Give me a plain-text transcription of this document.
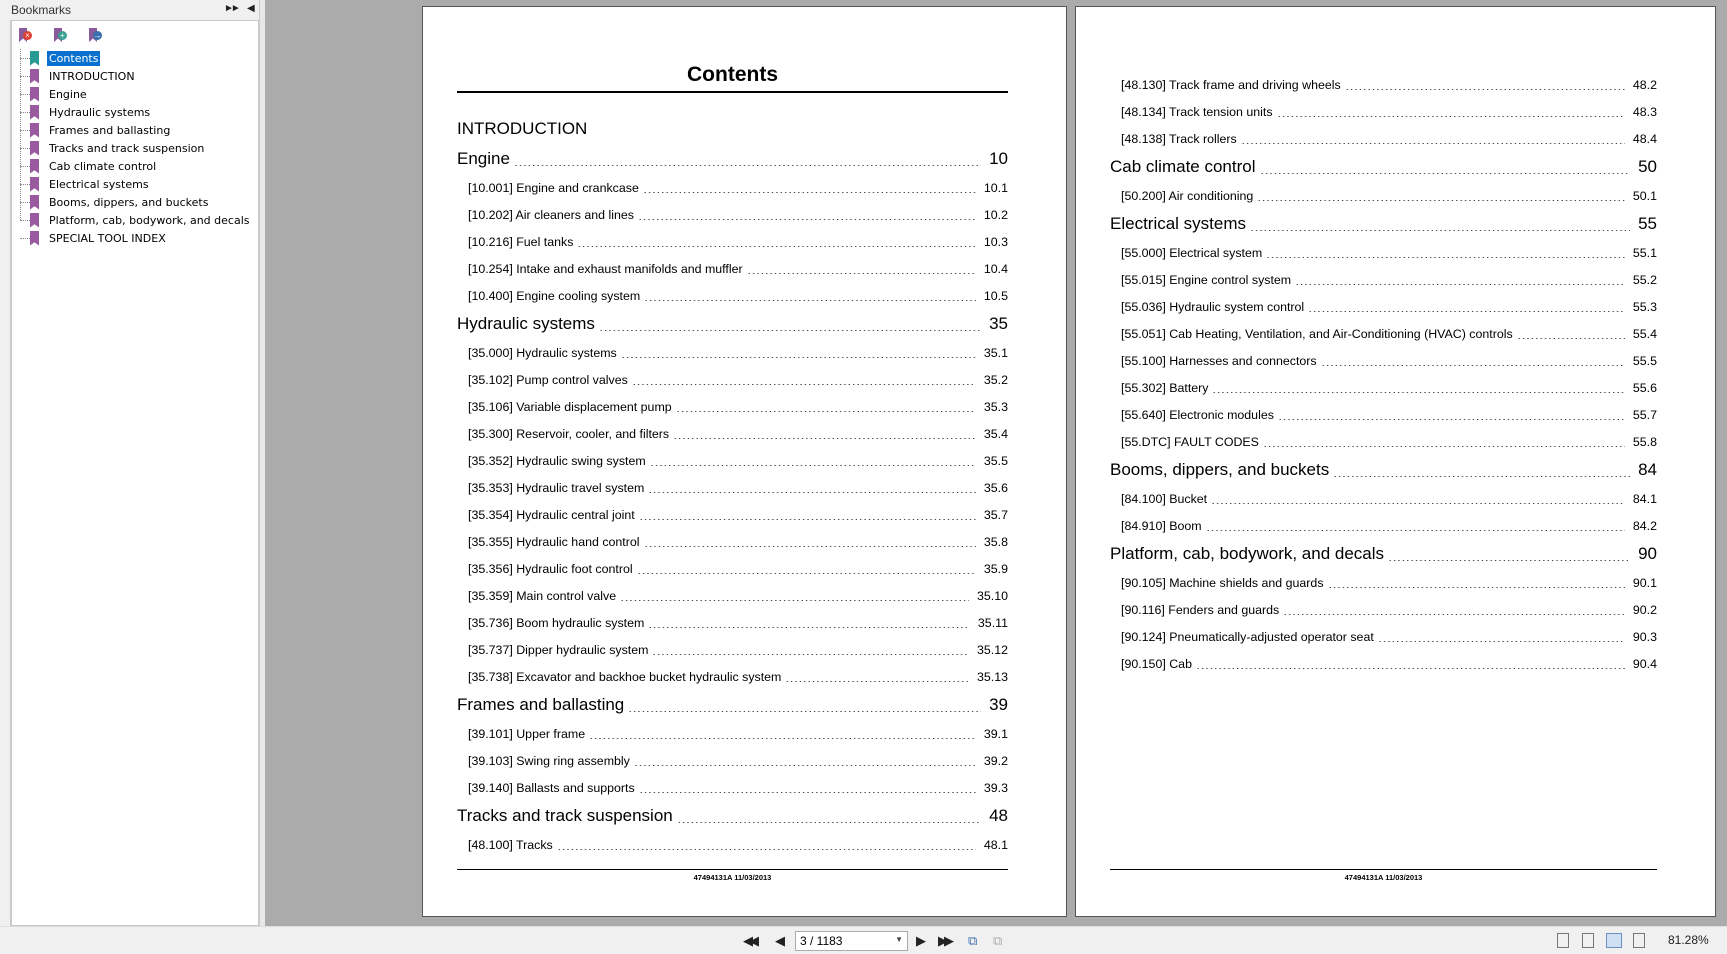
Bookmarks	►► ◀
×	+	→
Contents
INTRODUCTION
Engine
Hydraulic systems
Frames and ballasting
Tracks and track suspension
Cab climate control
Electrical systems
Booms, dippers, and buckets
Platform, cab, bodywork, and decals
SPECIAL TOOL INDEX
Contents
INTRODUCTION
Engine	10
[10.001] Engine and crankcase	10.1
[10.202] Air cleaners and lines	10.2
[10.216] Fuel tanks	10.3
[10.254] Intake and exhaust manifolds and muffler	10.4
[10.400] Engine cooling system	10.5
Hydraulic systems	35
[35.000] Hydraulic systems	35.1
[35.102] Pump control valves	35.2
[35.106] Variable displacement pump	35.3
[35.300] Reservoir, cooler, and filters	35.4
[35.352] Hydraulic swing system	35.5
[35.353] Hydraulic travel system	35.6
[35.354] Hydraulic central joint	35.7
[35.355] Hydraulic hand control	35.8
[35.356] Hydraulic foot control	35.9
[35.359] Main control valve	35.10
[35.736] Boom hydraulic system	35.11
[35.737] Dipper hydraulic system	35.12
[35.738] Excavator and backhoe bucket hydraulic system	35.13
Frames and ballasting	39
[39.101] Upper frame	39.1
[39.103] Swing ring assembly	39.2
[39.140] Ballasts and supports	39.3
Tracks and track suspension	48
[48.100] Tracks	48.1
47494131A 11/03/2013
[48.130] Track frame and driving wheels	48.2
[48.134] Track tension units	48.3
[48.138] Track rollers	48.4
Cab climate control	50
[50.200] Air conditioning	50.1
Electrical systems	55
[55.000] Electrical system	55.1
[55.015] Engine control system	55.2
[55.036] Hydraulic system control	55.3
[55.051] Cab Heating, Ventilation, and Air-Conditioning (HVAC) controls	55.4
[55.100] Harnesses and connectors	55.5
[55.302] Battery	55.6
[55.640] Electronic modules	55.7
[55.DTC] FAULT CODES	55.8
Booms, dippers, and buckets	84
[84.100] Bucket	84.1
[84.910] Boom	84.2
Platform, cab, bodywork, and decals	90
[90.105] Machine shields and guards	90.1
[90.116] Fenders and guards	90.2
[90.124] Pneumatically-adjusted operator seat	90.3
[90.150] Cab	90.4
47494131A 11/03/2013
◀◀ ◀	3 / 1183	▼ ▶ ▶▶ ⧉ ⧉	81.28%
